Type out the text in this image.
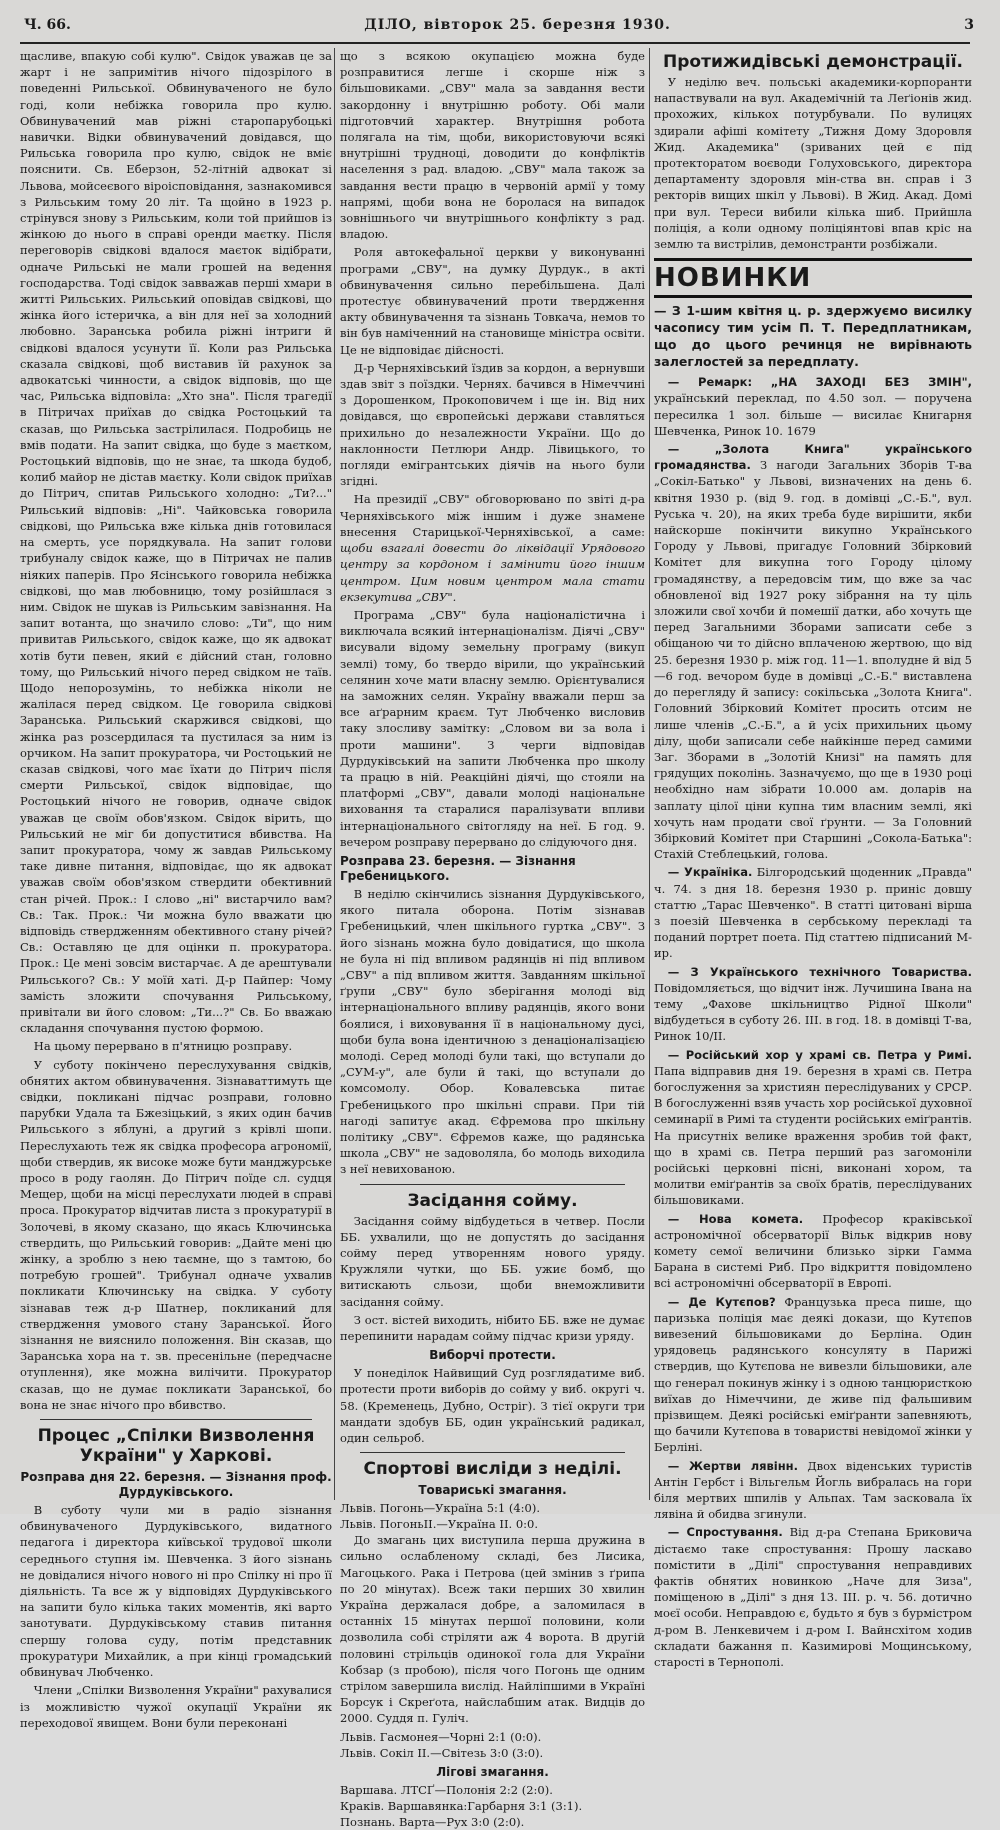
Ч. 66.	ДІЛО, вівторок 25. березня 1930.	3

щасливе, впакую собі кулю". Свідок уважав це за жарт і не запримітив нічого підозрілого в поведенні Рильської. Обвинуваченого не було годі, коли небіжка говорила про кулю. Обвинувачений мав ріжні старопарубоцькі навички. Відки обвинувачений довідався, що Рильська говорила про кулю, свідок не вміє пояснити. Св. Еберзон, 52-літній адвокат зі Львова, мойсеєвого віроісповідання, зазнакомився з Рильським тому 20 літ. Та щойно в 1923 р. стрінувся знову з Рильським, коли той прийшов із жінкою до нього в справі оренди маєтку. Після переговорів свідкові вдалося маєток відібрати, одначе Рильські не мали грошей на ведення господарства. Тоді свідок завважав перші хмари в житті Рильських. Рильський оповідав свідкові, що жінка його істеричка, а він для неї за холодний любовно. Заранська робила ріжні інтриги й свідкові вдалося усунути її. Коли раз Рильська сказала свідкові, щоб виставив їй рахунок за адвокатські чинности, а свідок відповів, що ще час, Рильська відповіла: „Хто зна". Після трагедії в Пітричах приїхав до свідка Ростоцький та сказав, що Рильська застрілилася. Подробиць не вмів подати. На запит свідка, що буде з маєтком, Ростоцький відповів, що не знає, та шкода будоб, колиб майор не дістав маєтку. Коли свідок приїхав до Пітрич, спитав Рильського холодно: „Ти?..." Рильський відповів: „Ні". Чайковська говорила свідкові, що Рильська вже кілька днів готовилася на смерть, усе порядкувала. На запит голови трибуналу свідок каже, що в Пітричах не палив ніяких паперів. Про Ясінського говорила небіжка свідкові, що мав любовницю, тому розійшлася з ним. Свідок не шукав із Рильським завізнання. На запит вотанта, що значило слово: „Ти", що ним привитав Рильського, свідок каже, що як адвокат хотів бути певен, який є дійсний стан, головно тому, що Рильський нічого перед свідком не таїв. Щодо непорозумінь, то небіжка ніколи не жалілася перед свідком. Це говорила свідкові Заранська. Рильський скаржився свідкові, що жінка раз розсердилася та пустилася за ним із орчиком. На запит прокуратора, чи Ростоцький не сказав свідкові, чого має їхати до Пітрич після смерти Рильської, свідок відповідає, що Ростоцький нічого не говорив, одначе свідок уважав це своїм обов'язком. Свідок вірить, що Рильський не міг би допуститися вбивства. На запит прокуратора, чому ж завдав Рильському таке дивне питання, відповідає, що як адвокат уважав своїм обов'язком ствердити обективний стан річей. Прок.: І слово „ні" вистарчило вам? Св.: Так. Прок.: Чи можна було вважати цю відповідь ствердженням обективного стану річей? Св.: Оставляю це для оцінки п. прокуратора. Прок.: Це мені зовсім вистарчає. А де арештували Рильського? Св.: У моїй хаті. Д-р Пайпер: Чому замість зложити спочування Рильському, привітали ви його словом: „Ти...?" Св. Бо вважаю складання спочування пустою формою.

На цьому перервано в п'ятницю розправу.

У суботу покінчено переслухування свідків, обнятих актом обвинувачення. Зізнаваттимуть ще свідки, покликані підчас розправи, головно парубки Удала та Бжезіцький, з яких один бачив Рильського з яблуні, а другий з крівлі шопи. Переслухають теж як свідка професора агрономії, щоби ствердив, як високе може бути манджурське просо в роду гаолян. До Пітрич поїде сл. судця Мещер, щоби на місці переслухати людей в справі проса. Прокуратор відчитав листа з прокуратурії в Золочеві, в якому сказано, що якась Ключинська ствердить, що Рильський говорив: „Дайте мені цю жінку, а зроблю з нею таємне, що з тамтою, бо потребую грошей". Трибунал одначе ухвалив покликати Ключинську на свідка. У суботу зізнавав теж д-р Шатнер, покликаний для ствердження умового стану Заранської. Його зізнання не вияснило положення. Він сказав, що Заранська хора на т. зв. пресенільне (передчасне отуплення), яке можна вилічити. Прокуратор сказав, що не думає покликати Заранської, бо вона не знає нічого про вбивство.

Процес „Спілки Визволення України" у Харкові.
Розправа дня 22. березня. — Зізнання проф. Дурдуківського.

В суботу чули ми в радіо зізнання обвинуваченого Дурдуківського, видатного педагога і директора київської трудової школи середнього ступня ім. Шевченка. З його зізнань не довідалися нічого нового ні про Спілку ні про її діяльність. Та все ж у відповідях Дурдуківського на запити було кілька таких моментів, які варто занотувати. Дурдуківському ставив питання спершу голова суду, потім представник прокуратури Михайлик, а при кінці громадський обвинувач Любченко.

Члени „Спілки Визволення України" рахувалися із можливістю чужої окупації України як переходової явищем. Вони були переконані

що з всякою окупацією можна буде розправитися легше і скорше ніж з більшовиками. „СВУ" мала за завдання вести закордонну і внутрішню роботу. Обі мали підготовчий характер. Внутрішня робота полягала на тім, щоби, використовуючи всякі внутрішні трудноці, доводити до конфліктів населення з рад. владою. „СВУ" мала також за завдання вести працю в червоній армії у тому напрямі, щоби вона не боролася на випадок зовнішнього чи внутрішнього конфлікту з рад. владою.

Роля автокефальної церкви у виконуванні програми „СВУ", на думку Дурдук., в акті обвинувачення сильно перебільшена. Далі протестує обвинувачений проти твердження акту обвинувачення та зізнань Товкача, немов то він був наміченний на становище міністра освіти. Це не відповідає дійсності.

Д-р Черняхівський їздив за кордон, а вернувши здав звіт з поїздки. Чернях. бачився в Німеччині з Дорошенком, Прокоповичем і ще ін. Від них довідався, що європейські держави ставляться прихильно до незалежности України. Що до наклонности Петлюри Андр. Лівицького, то погляди емігрантських діячів на нього були згідні.

На президії „СВУ" обговорювано по звіті д-ра Черняхівського між іншим і дуже знамене внесення Старицької-Черняхівської, а саме: щоби взагалі довести до ліквідації Урядового центру за кордоном і замінити його іншим центром. Цим новим центром мала стати екзекутива „СВУ".

Програма „СВУ" була націоналістична і виключала всякий інтернаціоналізм. Діячі „СВУ" висували відому земельну програму (викуп землі) тому, бо твердо вірили, що український селянин хоче мати власну землю. Орієнтувалися на заможних селян. Україну вважали перш за все аґрарним краєм. Тут Любченко висловив таку злосливу замітку: „Словом ви за вола і проти машини". З черги відповідав Дурдуківський на запити Любченка про школу та працю в ній. Реакційні діячі, що стояли на платформі „СВУ", давали молоді національне виховання та старалися паралізувати впливи інтернаціонального світогляду на неї. Б год. 9. вечером розправу перервано до слідуючого дня.

Розправа 23. березня. — Зізнання Гребеницького.

В неділю скінчились зізнання Дурдуківського, якого питала оборона. Потім зізнавав Гребеницький, член шкільного гуртка „СВУ". З його зізнань можна було довідатися, що школа не була ні під впливом радянців ні під впливом „СВУ" а під впливом життя. Завданням шкільної ґрупи „СВУ" було зберігання молоді від інтернаціонального впливу радянців, якого вони боялися, і виховування її в національному дусі, щоби була вона ідентичною з денаціоналізацією молоді. Серед молоді були такі, що вступали до „СУМ-у", але були й такі, що вступали до комсомолу. Обор. Ковалевська питає Гребеницького про шкільні справи. При тій нагоді запитує акад. Єфремова про шкільну політику „СВУ". Єфремов каже, що радянська школа „СВУ" не задоволяла, бо молодь виходила з неї невихованою.

Засідання сойму.

Засідання сойму відбудеться в четвер. Посли ББ. ухвалили, що не допустять до засідання сойму перед утворенням нового уряду. Кружляли чутки, що ББ. ужиє бомб, що витискають сльози, щоби внеможливити засідання сойму.

З ост. вістей виходить, нібито ББ. вже не думає перепинити нарадам сойму підчас кризи уряду.

Виборчі протести.

У понеділок Найвищий Суд розглядатиме виб. протести проти виборів до сойму у виб. округі ч. 58. (Кременець, Дубно, Остріг). З тієї округи три мандати здобув ББ, один український радикал, один сельроб.

Спортові висліди з неділі.
Товариські змагання.
Львів. Погонь—Україна 5:1 (4:0).
Львів. ПогоньII.—Україна II. 0:0.

До змагань цих виступила перша дружина в сильно ослабленому складі, без Лисика, Магоцького. Рака і Петрова (цей змінив з ґрипа по 20 мінутах). Всеж таки перших 30 хвилин Україна держалася добре, а заломилася в останніх 15 мінутах першої половини, коли дозволила собі стріляти аж 4 ворота. В другій половині стрільців одинокої гола для України Кобзар (з пробою), після чого Погонь ще одним стрілом завершила вислід. Найліпшими в Україні Борсук і Скреґота, найслабшим атак. Видців до 2000. Суддя п. Гуліч.

Львів. Гасмонея—Чорні 2:1 (0:0).
Львів. Сокіл II.—Світезь 3:0 (3:0).
Лігові змагання.
Варшава. ЛТСҐ—Полонія 2:2 (2:0).
Краків. Варшавянка:Гарбарня 3:1 (3:1).
Познань. Варта—Рух 3:0 (2:0).
Протижидівські демонстрації.

У неділю веч. польські академики-корпоранти напаствували на вул. Академічній та Леґіонів жид. прохожих, кількох потурбували. По вулицях здирали афіші комітету „Тижня Дому Здоровля Жид. Академика" (зриваних цей є під протекторатом воєводи Голуховського, директора департаменту здоровля мін-ства вн. справ і 3 ректорів вищих шкіл у Львові). В Жид. Акад. Домі при вул. Тереси вибили кілька шиб. Прийшла поліція, а коли одному поліціянтові впав кріс на землю та вистрілив, демонстранти розбіжали.

НОВИНКИ
— З 1-шим квітня ц. р. здержуємо висилку часопису тим усім П. Т. Передплатникам, що до цього речинця не вирівнають залеглостей за передплату.

— Ремарк: „НА ЗАХОДІ БЕЗ ЗМІН", український переклад, по 4.50 зол. — поручена пересилка 1 зол. більше — висилає Книгарня Шевченка, Ринок 10. 1679

— „Золота Книга" українського громадянства. З нагоди Загальних Зборів Т-ва „Сокіл-Батько" у Львові, визначених на день 6. квітня 1930 р. (від 9. год. в домівці „С.-Б.", вул. Руська ч. 20), на яких треба буде вирішити, якби найскорше покінчити викупно Українського Городу у Львові, пригадує Головний Збірковий Комітет для викупна того Городу цілому громадянству, а передовсім тим, що вже за час обновленої від 1927 року зібрання на ту ціль зложили свої хочби й помешії датки, або хочуть ще перед Загальними Зборами записати себе з обіщаною чи то дійсно вплаченою жертвою, що від 25. березня 1930 р. між год. 11—1. вполудне й від 5—6 год. вечором буде в домівці „С.-Б." виставлена до перегляду й запису: сокільська „Золота Книга". Головний Збірковий Комітет просить отсим не лише членів „С.-Б.", а й усіх прихильних цьому ділу, щоби записали себе найкінше перед самими Заг. Зборами в „Золотій Книзі" на память для грядущих поколінь. Зазначуємо, що ще в 1930 році необхідно нам зібрати 10.000 ам. доларів на заплату цілої ціни купна тим власним землі, які хочуть нам продати свої ґрунти. — За Головний Збірковий Комітет при Старшині „Сокола-Батька": Стахій Стеблецький, голова.

— Україніка. Білгородський щоденник „Правда" ч. 74. з дня 18. березня 1930 р. приніс довшу статтю „Тарас Шевченко". В статті цитовані вірша з поезій Шевченка в сербському перекладі та поданий портрет поета. Під статтею підписаний М-ир.

— З Українського технічного Товариства. Повідомляється, що відчит інж. Лучишина Івана на тему „Фахове шкільництво Рідної Школи" відбудеться в суботу 26. III. в год. 18. в домівці Т-ва, Ринок 10/II.

— Російський хор у храмі св. Петра у Римі. Папа відправив дня 19. березня в храмі св. Петра богослуження за християн переслідуваних у СРСР. В богослуженні взяв участь хор російської духовної семинарії в Римі та студенти російських еміґрантів. На присутніх велике враження зробив той факт, що в храмі св. Петра перший раз загомоніли російські церковні пісні, виконані хором, та молитви еміґрантів за своїх братів, переслідуваних більшовиками.

— Нова комета. Професор краківської астрономічної обсерваторії Вільк відкрив нову комету семої величини близько зірки Гамма Барана в системі Риб. Про відкриття повідомлено всі астрономічні обсерваторії в Европі.

— Де Кутєпов? Французька преса пише, що паризька поліція має деякі докази, що Кутєпов вивезений більшовиками до Берліна. Один урядовець радянського консуляту в Парижі ствердив, що Кутєпова не вивезли більшовики, але що генерал покинув жінку і з одною танцюристкою виїхав до Німеччини, де живе під фальшивим прізвищем. Деякі російські еміґранти запевняють, що бачили Кутєпова в товаристві невідомої жінки у Берліні.

— Жертви лявінн. Двох віденських туристів Антін Гербст і Вільгельм Йогль вибралась на гори біля мертвих шпилів у Альпах. Там засковала їх лявіна й обидва згинули.

— Спростування. Від д-ра Степана Бриковича дістаємо таке спростування: Прошу ласкаво помістити в „Ділі" спростування неправдивих фактів обнятих новинкою „Наче для Зиза", поміщеною в „Ділі" з дня 13. III. р. ч. 56. дотично моєї особи. Неправдою є, будьто я був з бурмістром д-ром В. Ленкевичем і д-ром І. Вайнсхітом ходив складати бажання п. Казимирові Мощинському, старості в Тернополі.
